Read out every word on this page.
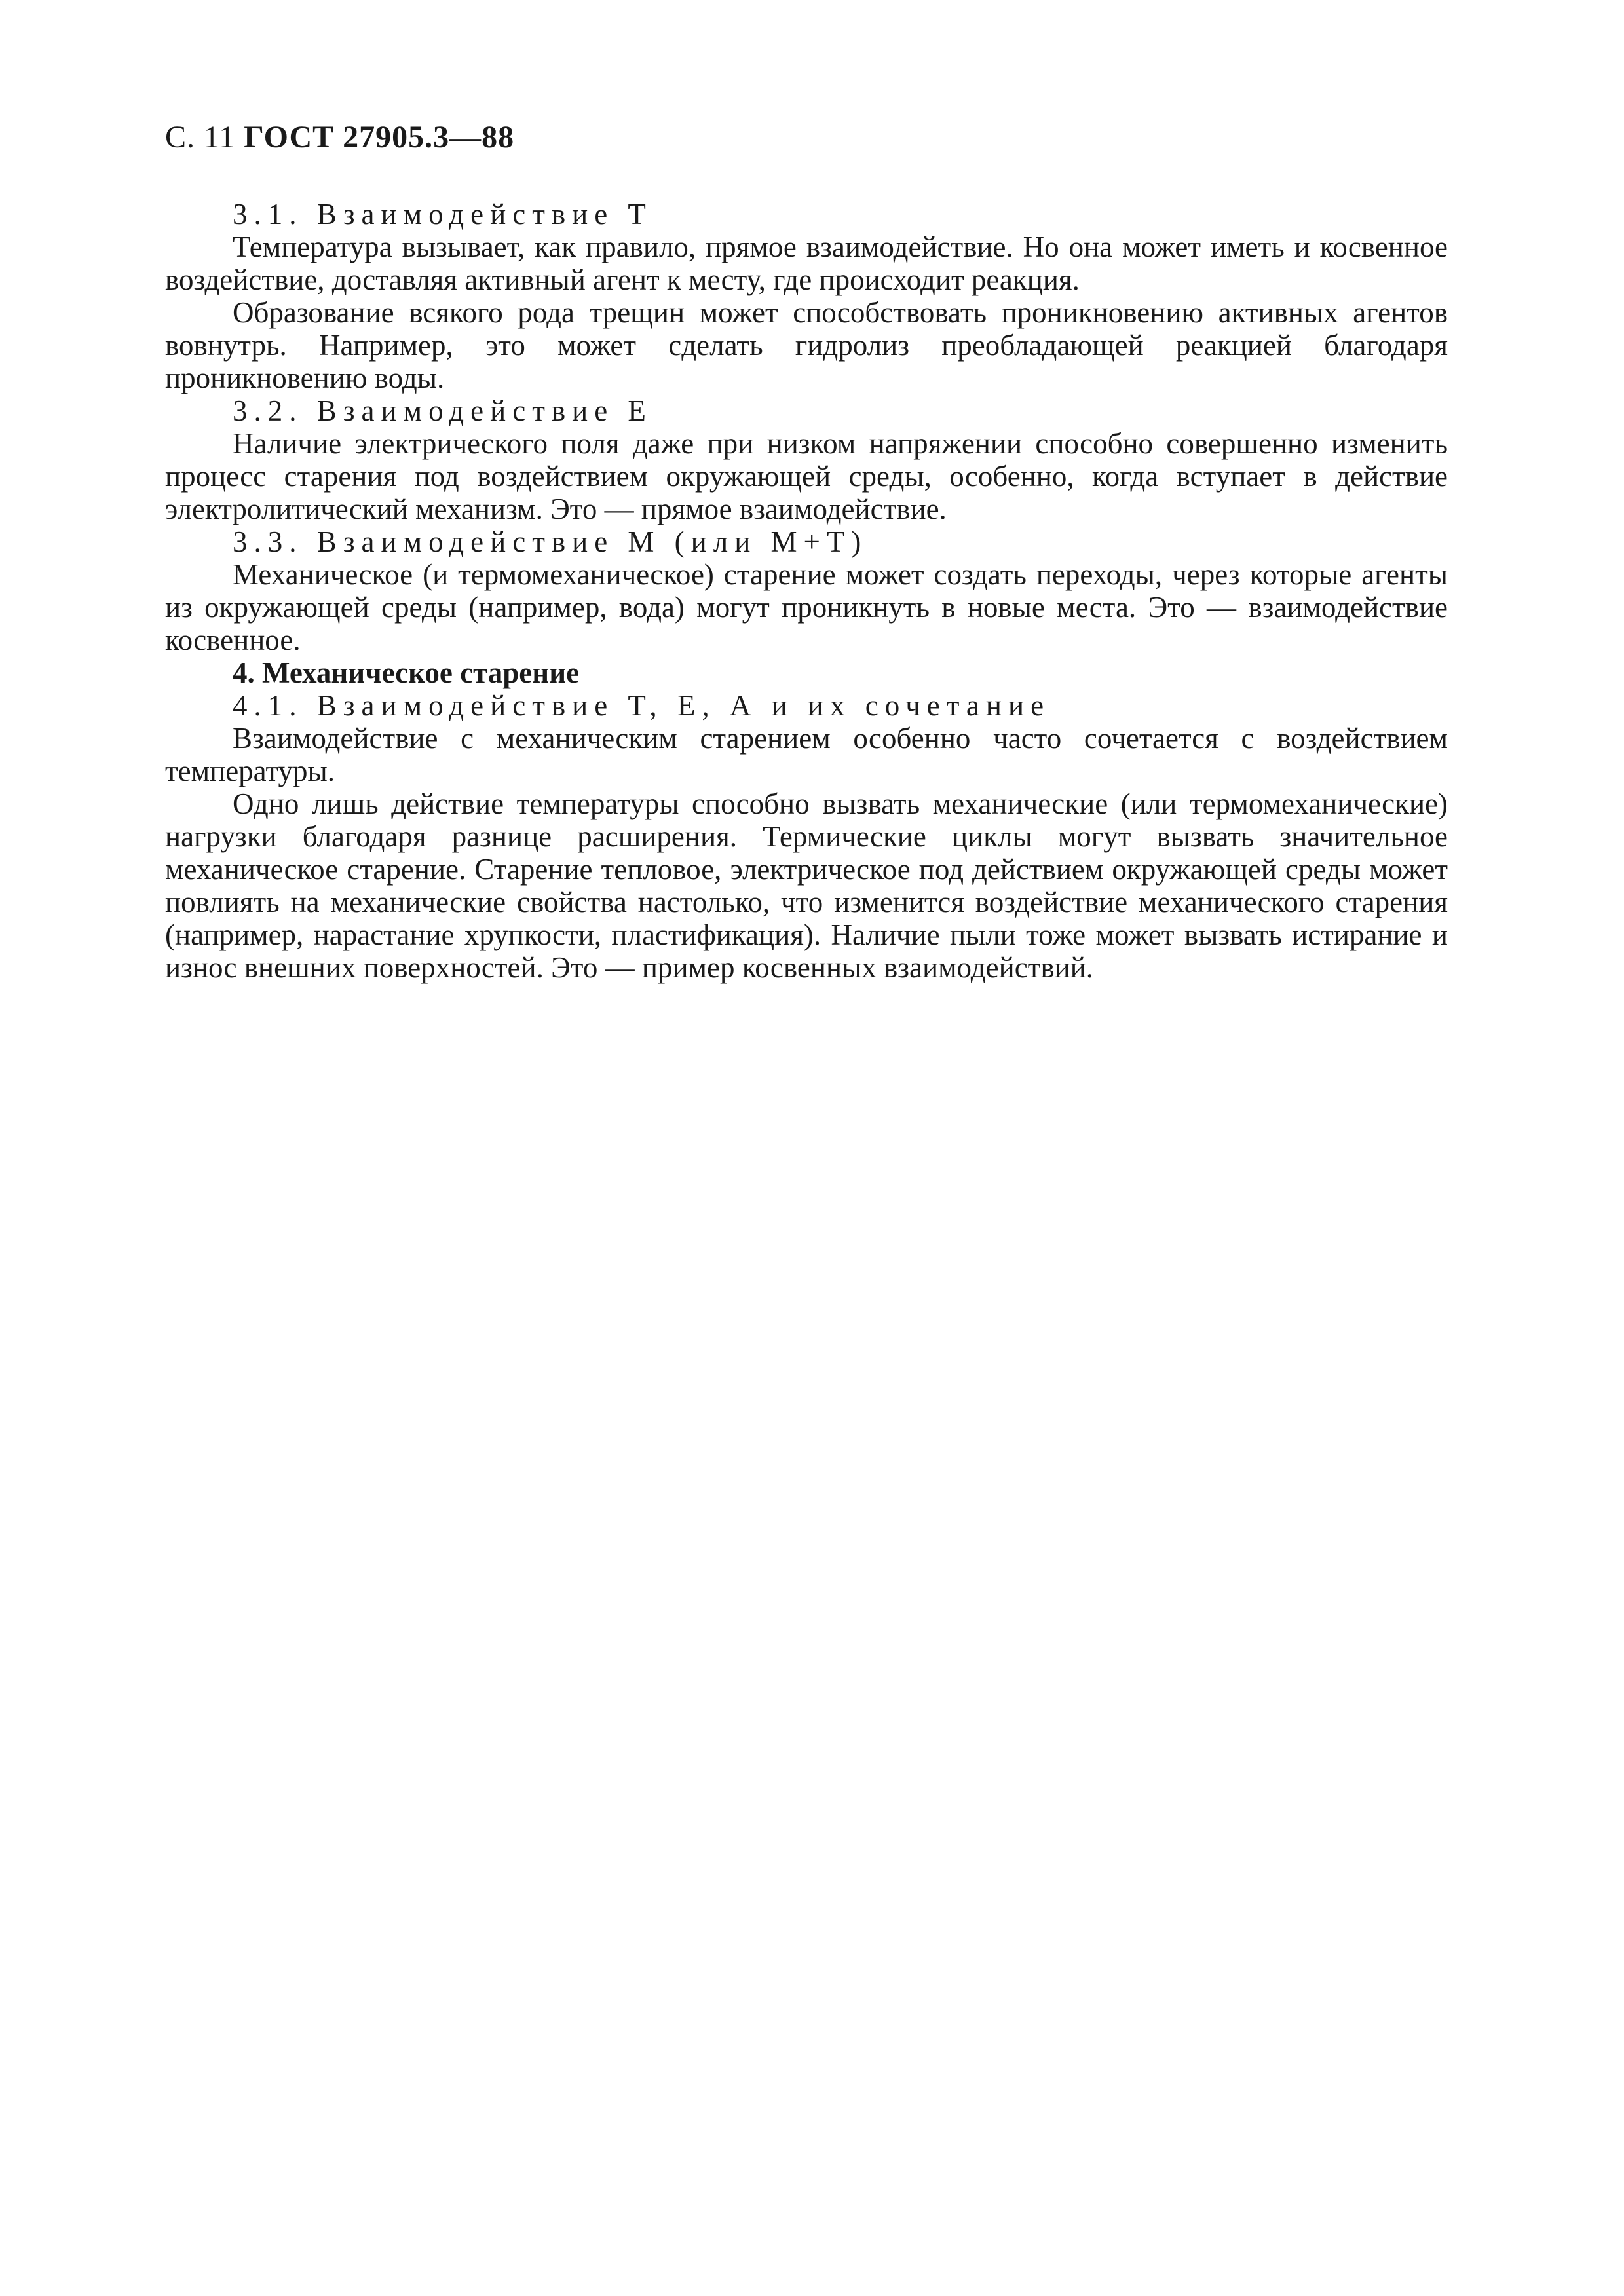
С. 11 ГОСТ 27905.3—88
3.1. Взаимодействие Т

Температура вызывает, как правило, прямое взаимодействие. Но она может иметь и косвенное воздействие, доставляя активный агент к месту, где происходит реакция.

Образование всякого рода трещин может способствовать проникновению активных агентов вовнутрь. Например, это может сделать гидролиз преобладающей реакцией благодаря проникновению воды.

3.2. Взаимодействие Е

Наличие электрического поля даже при низком напряжении способно совершенно изменить процесс старения под воздействием окружающей среды, особенно, когда вступает в действие электролитический механизм. Это — прямое взаимодействие.

3.3. Взаимодействие М (или М+Т)

Механическое (и термомеханическое) старение может создать переходы, через которые агенты из окружающей среды (например, вода) могут проникнуть в новые места. Это — взаимодействие косвенное.

4. Механическое старение
4.1. Взаимодействие Т, Е, А и их сочетание

Взаимодействие с механическим старением особенно часто сочетается с воздействием температуры.

Одно лишь действие температуры способно вызвать механические (или термомеханические) нагрузки благодаря разнице расширения. Термические циклы могут вызвать значительное механическое старение. Старение тепловое, электрическое под действием окружающей среды может повлиять на механические свойства настолько, что изменится воздействие механического старения (например, нарастание хрупкости, пластификация). Наличие пыли тоже может вызвать истирание и износ внешних поверхностей. Это — пример косвенных взаимодействий.
